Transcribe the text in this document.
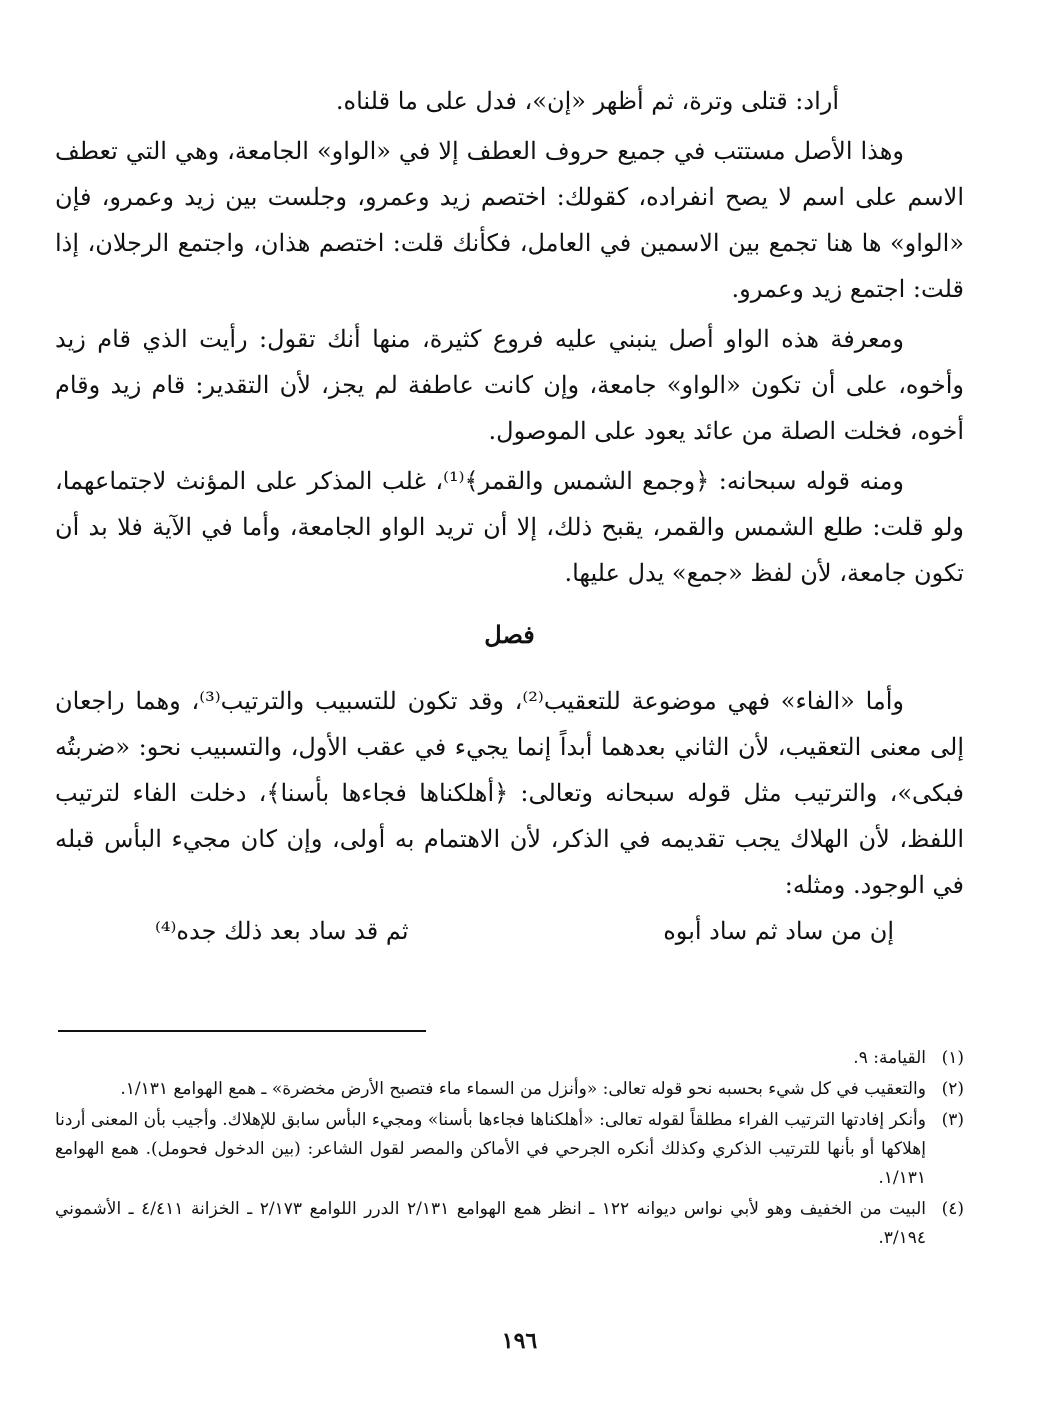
أراد: قتلى وترة، ثم أظهر «إن»، فدل على ما قلناه.

وهذا الأصل مستتب في جميع حروف العطف إلا في «الواو» الجامعة، وهي التي تعطف الاسم على اسم لا يصح انفراده، كقولك: اختصم زيد وعمرو، وجلست بين زيد وعمرو، فإن «الواو» ها هنا تجمع بين الاسمين في العامل، فكأنك قلت: اختصم هذان، واجتمع الرجلان، إذا قلت: اجتمع زيد وعمرو.

ومعرفة هذه الواو أصل ينبني عليه فروع كثيرة، منها أنك تقول: رأيت الذي قام زيد وأخوه، على أن تكون «الواو» جامعة، وإن كانت عاطفة لم يجز، لأن التقدير: قام زيد وقام أخوه، فخلت الصلة من عائد يعود على الموصول.

ومنه قوله سبحانه: ﴿وجمع الشمس والقمر﴾⁽¹⁾، غلب المذكر على المؤنث لاجتماعهما، ولو قلت: طلع الشمس والقمر، يقبح ذلك، إلا أن تريد الواو الجامعة، وأما في الآية فلا بد أن تكون جامعة، لأن لفظ «جمع» يدل عليها.

فصل

وأما «الفاء» فهي موضوعة للتعقيب⁽²⁾، وقد تكون للتسبيب والترتيب⁽³⁾، وهما راجعان إلى معنى التعقيب، لأن الثاني بعدهما أبداً إنما يجيء في عقب الأول، والتسبيب نحو: «ضربتُه فبكى»، والترتيب مثل قوله سبحانه وتعالى: ﴿أهلكناها فجاءها بأسنا﴾، دخلت الفاء لترتيب اللفظ، لأن الهلاك يجب تقديمه في الذكر، لأن الاهتمام به أولى، وإن كان مجيء البأس قبله في الوجود. ومثله:

إن من ساد ثم ساد أبوه
ثم قد ساد بعد ذلك جده⁽⁴⁾
(١)
القيامة: ٩.
(٢)
والتعقيب في كل شيء بحسبه نحو قوله تعالى: «وأنزل من السماء ماء فتصبح الأرض مخضرة» ـ همع الهوامع ١/١٣١.
(٣)
وأنكر إفادتها الترتيب الفراء مطلقاً لقوله تعالى: «أهلكناها فجاءها بأسنا» ومجيء البأس سابق للإهلاك. وأجيب بأن المعنى أردنا إهلاكها أو بأنها للترتيب الذكري وكذلك أنكره الجرحي في الأماكن والمصر لقول الشاعر: (بين الدخول فحومل). همع الهوامع ١/١٣١.
(٤)
البيت من الخفيف وهو لأبي نواس ديوانه ١٢٢ ـ انظر همع الهوامع ٢/١٣١ الدرر اللوامع ٢/١٧٣ ـ الخزانة ٤/٤١١ ـ الأشموني ٣/١٩٤.
١٩٦
